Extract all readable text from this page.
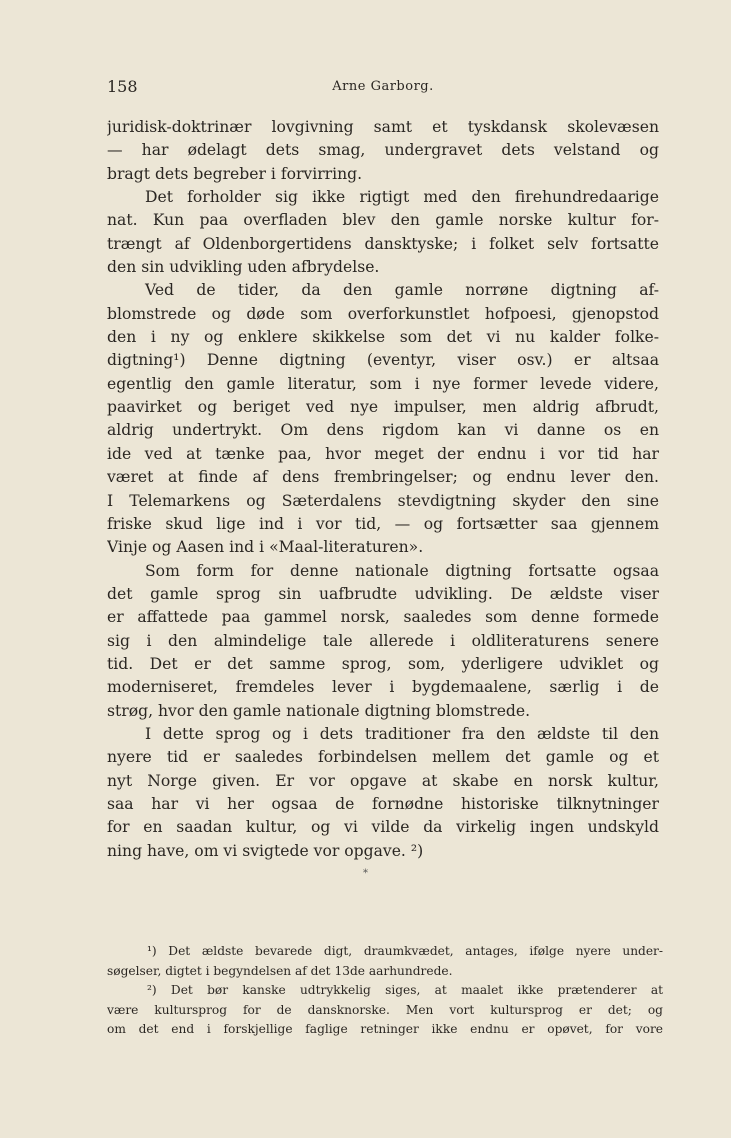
158	Arne Garborg.
juridisk-doktrinær lovgivning samt et tyskdansk skolevæsen
— har ødelagt dets smag, undergravet dets velstand og
bragt dets begreber i forvirring.
Det forholder sig ikke rigtigt med den firehundredaarige
nat. Kun paa overfladen blev den gamle norske kultur for-
trængt af Oldenborgertidens dansktyske; i folket selv fortsatte
den sin udvikling uden afbrydelse.
Ved de tider, da den gamle norrøne digtning af-
blomstrede og døde som overforkunstlet hofpoesi, gjenopstod
den i ny og enklere skikkelse som det vi nu kalder folke-
digtning¹) Denne digtning (eventyr, viser osv.) er altsaa
egentlig den gamle literatur, som i nye former levede videre,
paavirket og beriget ved nye impulser, men aldrig afbrudt,
aldrig undertrykt. Om dens rigdom kan vi danne os en
ide ved at tænke paa, hvor meget der endnu i vor tid har
været at finde af dens frembringelser; og endnu lever den.
I Telemarkens og Sæterdalens stevdigtning skyder den sine
friske skud lige ind i vor tid, — og fortsætter saa gjennem
Vinje og Aasen ind i «Maal-literaturen».
Som form for denne nationale digtning fortsatte ogsaa
det gamle sprog sin uafbrudte udvikling. De ældste viser
er affattede paa gammel norsk, saaledes som denne formede
sig i den almindelige tale allerede i oldliteraturens senere
tid. Det er det samme sprog, som, yderligere udviklet og
moderniseret, fremdeles lever i bygdemaalene, særlig i de
strøg, hvor den gamle nationale digtning blomstrede.
I dette sprog og i dets traditioner fra den ældste til den
nyere tid er saaledes forbindelsen mellem det gamle og et
nyt Norge given. Er vor opgave at skabe en norsk kultur,
saa har vi her ogsaa de fornødne historiske tilknytninger
for en saadan kultur, og vi vilde da virkelig ingen undskyld
ning have, om vi svigtede vor opgave. ²)
*
¹) Det ældste bevarede digt, draumkvædet, antages, ifølge nyere under-
søgelser, digtet i begyndelsen af det 13de aarhundrede.
²) Det bør kanske udtrykkelig siges, at maalet ikke prætenderer at
være kultursprog for de dansknorske. Men vort kultursprog er det; og
om det end i forskjellige faglige retninger ikke endnu er opøvet, for vore
